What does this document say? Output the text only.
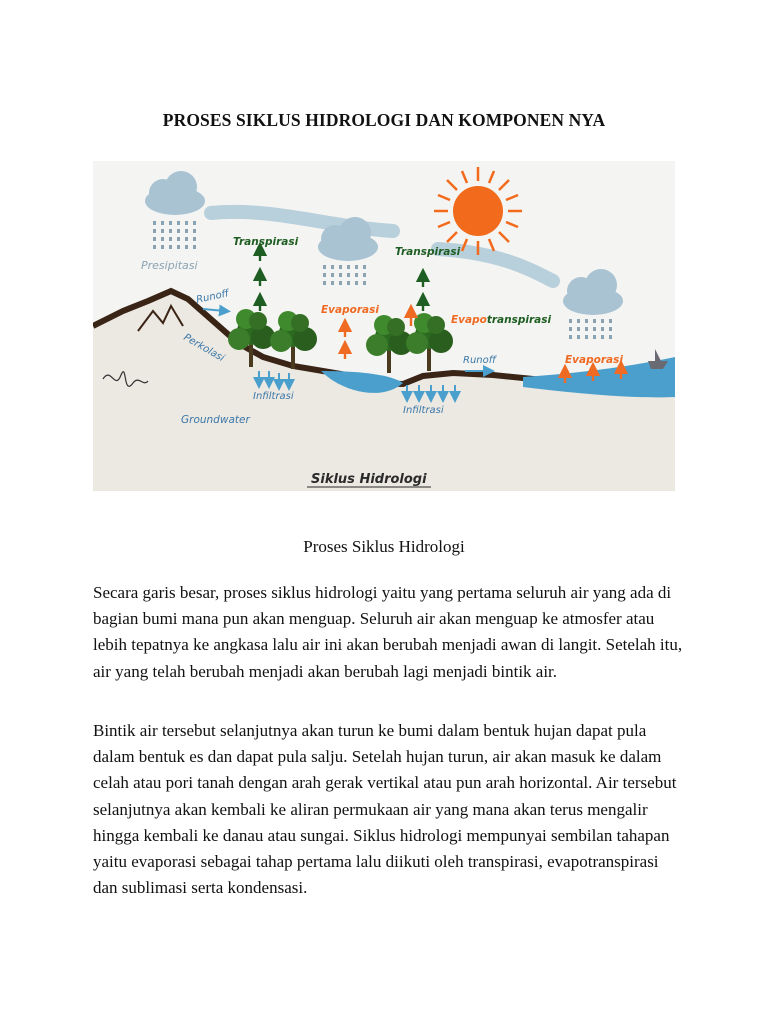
PROSES SIKLUS HIDROLOGI DAN KOMPONEN NYA
Presipitasi
Transpirasi
Transpirasi
Evaporasi
Evapotranspirasi
Evaporasi
Runoff
Runoff
Perkolasi
Infiltrasi
Infiltrasi
Groundwater
Siklus Hidrologi
Proses Siklus Hidrologi

Secara garis besar, proses siklus hidrologi yaitu yang pertama seluruh air yang ada di bagian bumi mana pun akan menguap. Seluruh air akan menguap ke atmosfer atau lebih tepatnya ke angkasa lalu air ini akan berubah menjadi awan di langit. Setelah itu, air yang telah berubah menjadi akan berubah lagi menjadi bintik air.

Bintik air tersebut selanjutnya akan turun ke bumi dalam bentuk hujan dapat pula dalam bentuk es dan dapat pula salju. Setelah hujan turun, air akan masuk ke dalam celah atau pori tanah dengan arah gerak vertikal atau pun arah horizontal. Air tersebut selanjutnya akan kembali ke aliran permukaan air yang mana akan terus mengalir hingga kembali ke danau atau sungai. Siklus hidrologi mempunyai sembilan tahapan yaitu evaporasi sebagai tahap pertama lalu diikuti oleh transpirasi, evapotranspirasi dan sublimasi serta kondensasi.
